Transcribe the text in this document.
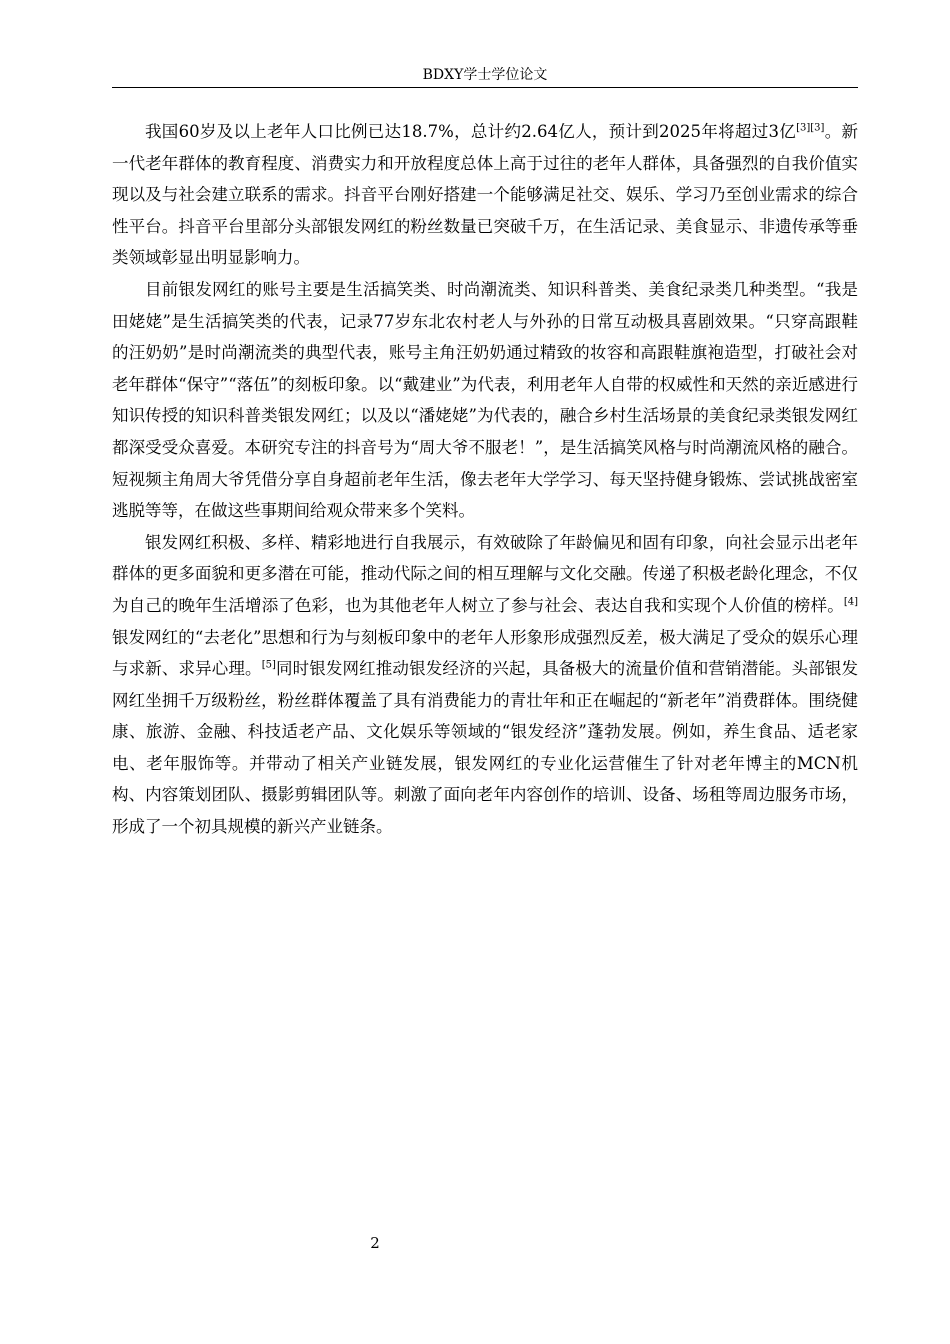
BDXY学士学位论文

我国60岁及以上老年人口比例已达18.7%，总计约2.64亿人，预计到2025年将超过3亿[3][3]。新一代老年群体的教育程度、消费实力和开放程度总体上高于过往的老年人群体，具备强烈的自我价值实现以及与社会建立联系的需求。抖音平台刚好搭建一个能够满足社交、娱乐、学习乃至创业需求的综合性平台。抖音平台里部分头部银发网红的粉丝数量已突破千万，在生活记录、美食显示、非遗传承等垂类领域彰显出明显影响力。

目前银发网红的账号主要是生活搞笑类、时尚潮流类、知识科普类、美食纪录类几种类型。“我是田姥姥”是生活搞笑类的代表，记录77岁东北农村老人与外孙的日常互动极具喜剧效果。“只穿高跟鞋的汪奶奶”是时尚潮流类的典型代表，账号主角汪奶奶通过精致的妆容和高跟鞋旗袍造型，打破社会对老年群体“保守”“落伍”的刻板印象。以“戴建业”为代表，利用老年人自带的权威性和天然的亲近感进行知识传授的知识科普类银发网红；以及以“潘姥姥”为代表的，融合乡村生活场景的美食纪录类银发网红都深受受众喜爱。本研究专注的抖音号为“周大爷不服老！”，是生活搞笑风格与时尚潮流风格的融合。短视频主角周大爷凭借分享自身超前老年生活，像去老年大学学习、每天坚持健身锻炼、尝试挑战密室逃脱等等，在做这些事期间给观众带来多个笑料。

银发网红积极、多样、精彩地进行自我展示，有效破除了年龄偏见和固有印象，向社会显示出老年群体的更多面貌和更多潜在可能，推动代际之间的相互理解与文化交融。传递了积极老龄化理念，不仅为自己的晚年生活增添了色彩，也为其他老年人树立了参与社会、表达自我和实现个人价值的榜样。[4]银发网红的“去老化”思想和行为与刻板印象中的老年人形象形成强烈反差，极大满足了受众的娱乐心理与求新、求异心理。[5]同时银发网红推动银发经济的兴起，具备极大的流量价值和营销潜能。头部银发网红坐拥千万级粉丝，粉丝群体覆盖了具有消费能力的青壮年和正在崛起的“新老年”消费群体。围绕健康、旅游、金融、科技适老产品、文化娱乐等领域的“银发经济”蓬勃发展。例如，养生食品、适老家电、老年服饰等。并带动了相关产业链发展，银发网红的专业化运营催生了针对老年博主的MCN机构、内容策划团队、摄影剪辑团队等。刺激了面向老年内容创作的培训、设备、场租等周边服务市场，形成了一个初具规模的新兴产业链条。

2
